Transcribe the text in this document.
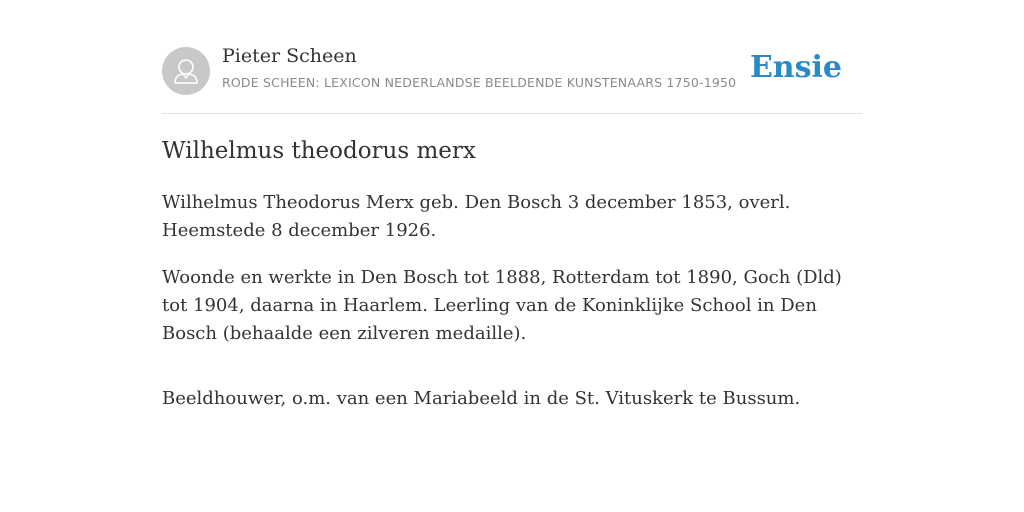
Pieter Scheen
RODE SCHEEN: LEXICON NEDERLANDSE BEELDENDE KUNSTENAARS 1750-1950 Ensie
Wilhelmus theodorus merx

Wilhelmus Theodorus Merx geb. Den Bosch 3 december 1853, overl. Heemstede 8 december 1926.

Woonde en werkte in Den Bosch tot 1888, Rotterdam tot 1890, Goch (Dld) tot 1904, daarna in Haarlem. Leerling van de Koninklijke School in Den Bosch (behaalde een zilveren medaille).

Beeldhouwer, o.m. van een Mariabeeld in de St. Vituskerk te Bussum.
